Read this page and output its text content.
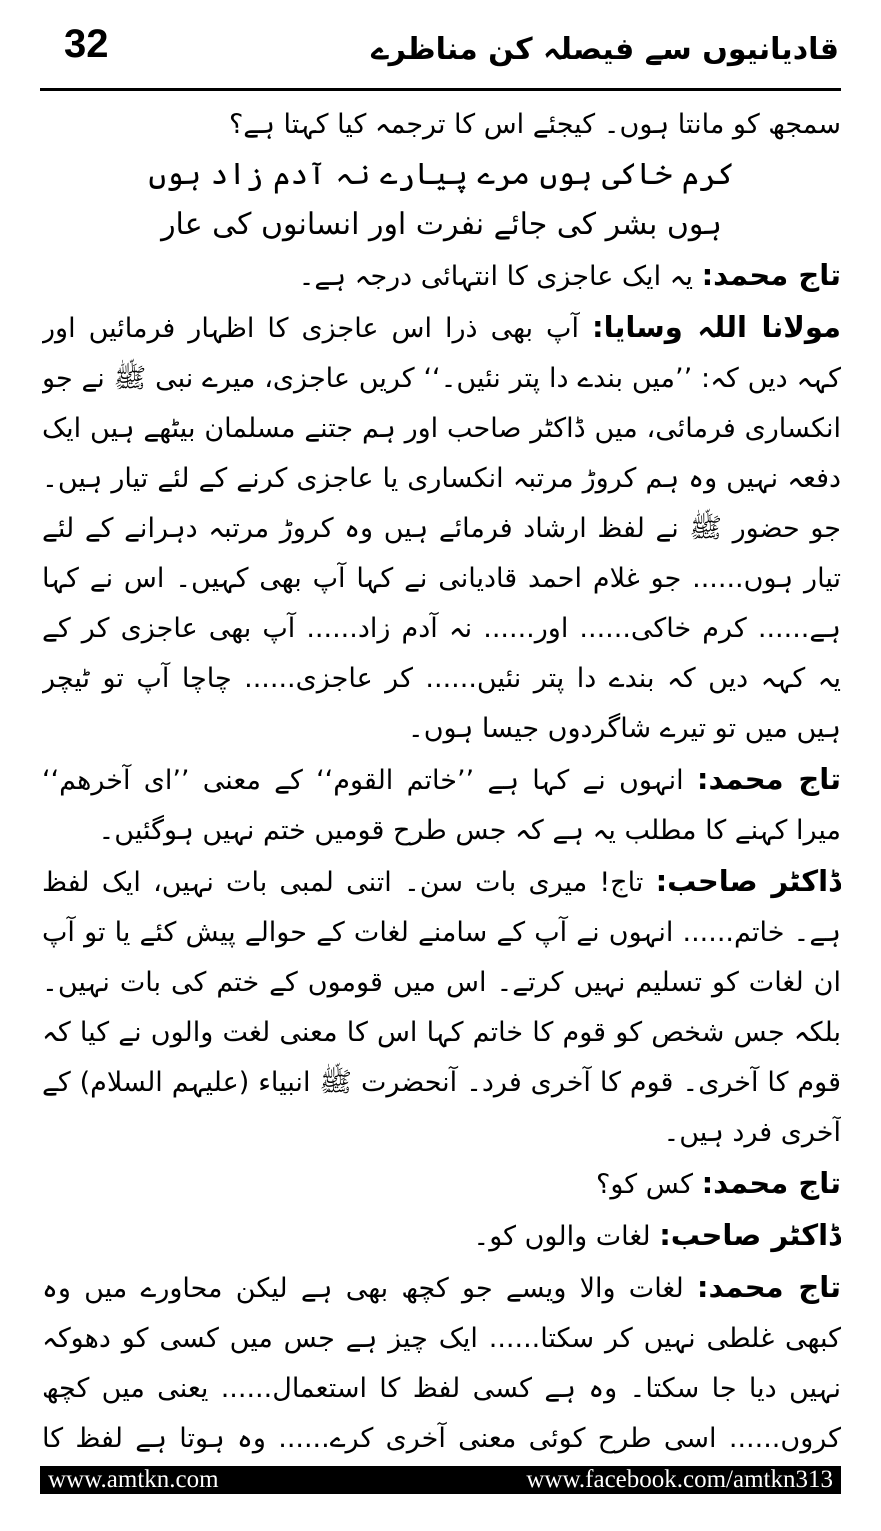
32	قادیانیوں سے فیصلہ کن مناظرے

سمجھ کو مانتا ہوں۔ کیجئے اس کا ترجمہ کیا کہتا ہے؟

کرم خاکی ہوں مرے پیارے نہ آدم زاد ہوں
ہوں بشر کی جائے نفرت اور انسانوں کی عار

تاج محمد: یہ ایک عاجزی کا انتہائی درجہ ہے۔

مولانا اللہ وسایا: آپ بھی ذرا اس عاجزی کا اظہار فرمائیں اور کہہ دیں کہ: ’’میں بندے دا پتر نئیں۔‘‘ کریں عاجزی، میرے نبی ﷺ نے جو انکساری فرمائی، میں ڈاکٹر صاحب اور ہم جتنے مسلمان بیٹھے ہیں ایک دفعہ نہیں وہ ہم کروڑ مرتبہ انکساری یا عاجزی کرنے کے لئے تیار ہیں۔ جو حضور ﷺ نے لفظ ارشاد فرمائے ہیں وہ کروڑ مرتبہ دہرانے کے لئے تیار ہوں...... جو غلام احمد قادیانی نے کہا آپ بھی کہیں۔ اس نے کہا ہے...... کرم خاکی...... اور...... نہ آدم زاد...... آپ بھی عاجزی کر کے یہ کہہ دیں کہ بندے دا پتر نئیں...... کر عاجزی...... چاچا آپ تو ٹیچر ہیں میں تو تیرے شاگردوں جیسا ہوں۔

تاج محمد: انہوں نے کہا ہے ’’خاتم القوم‘‘ کے معنی ’’ای آخرھم‘‘ میرا کہنے کا مطلب یہ ہے کہ جس طرح قومیں ختم نہیں ہوگئیں۔

ڈاکٹر صاحب: تاج! میری بات سن۔ اتنی لمبی بات نہیں، ایک لفظ ہے۔ خاتم...... انہوں نے آپ کے سامنے لغات کے حوالے پیش کئے یا تو آپ ان لغات کو تسلیم نہیں کرتے۔ اس میں قوموں کے ختم کی بات نہیں۔ بلکہ جس شخص کو قوم کا خاتم کہا اس کا معنی لغت والوں نے کیا کہ قوم کا آخری۔ قوم کا آخری فرد۔ آنحضرت ﷺ انبیاء (علیہم السلام) کے آخری فرد ہیں۔

تاج محمد: کس کو؟

ڈاکٹر صاحب: لغات والوں کو۔

تاج محمد: لغات والا ویسے جو کچھ بھی ہے لیکن محاورے میں وہ کبھی غلطی نہیں کر سکتا...... ایک چیز ہے جس میں کسی کو دھوکہ نہیں دیا جا سکتا۔ وہ ہے کسی لفظ کا استعمال...... یعنی میں کچھ کروں...... اسی طرح کوئی معنی آخری کرے...... وہ ہوتا ہے لفظ کا

www.amtkn.com	www.facebook.com/amtkn313
